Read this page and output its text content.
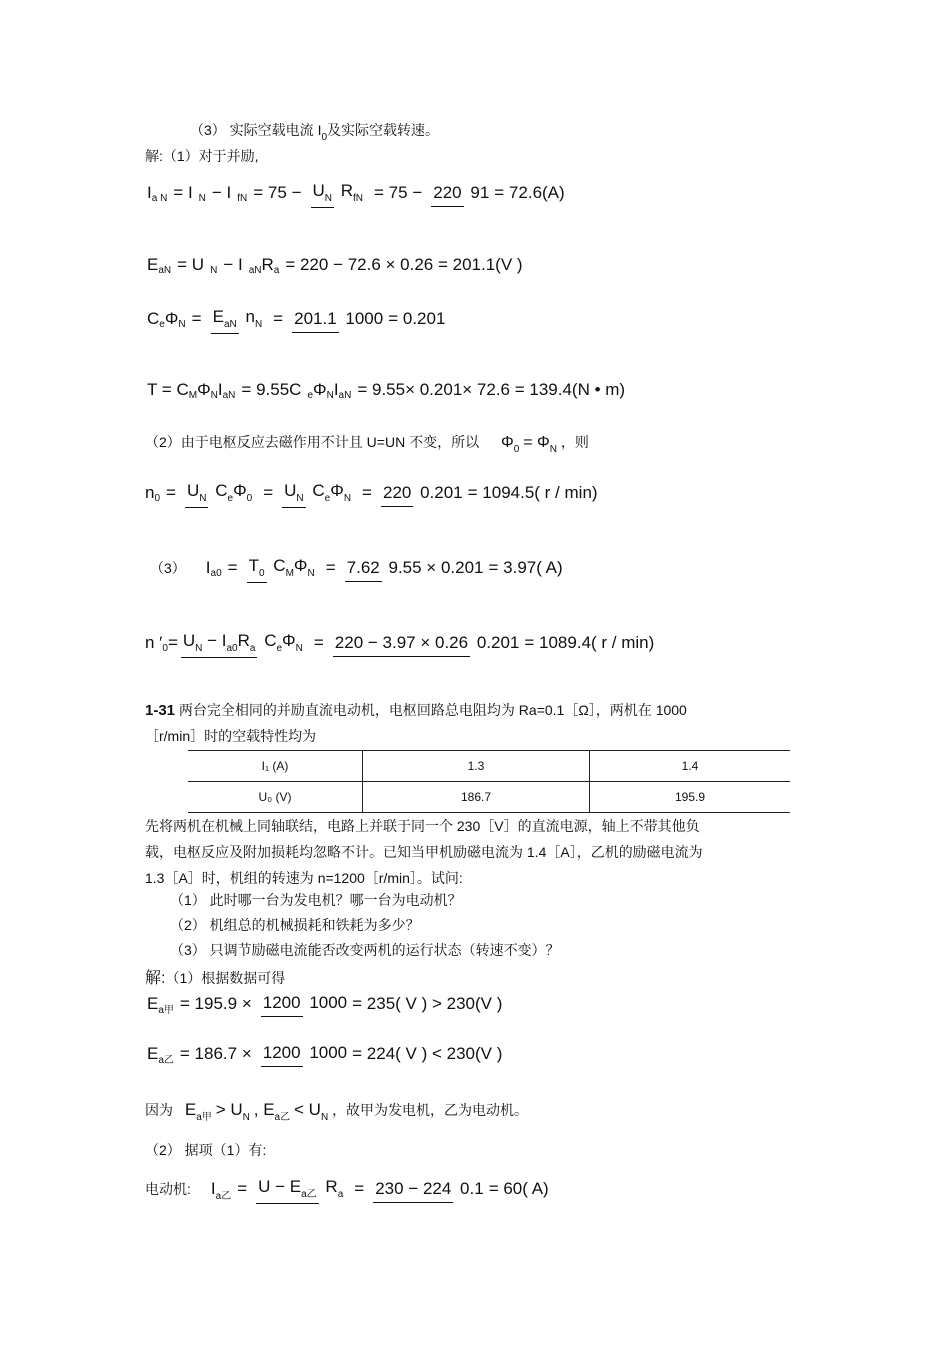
（3） 实际空载电流 $I_0$及实际空载转速。
解:（1）对于并励,
I a N = I N − I fN = 75 − UN RfN = 75 − 220 91 = 72.6(A)
E aN = U N − I aN R a = 220 − 72.6 × 0.26 = 201.1(V )
C e Φ N = EaN nN = 201.1 1000 = 0.201
T = C M Φ N I aN = 9.55C e Φ N I aN = 9.55× 0.201× 72.6 = 139.4(N • m)
（2）由于电枢反应去磁作用不计且 U=UN 不变，所以 $\Phi_0 = \Phi_N$ ，则
n 0 = UN CeΦ0 = UN CeΦN = 220 0.201 = 1094.5( r / min)
（3） I a0 = T0 CMΦN = 7.62 9.55 × 0.201 = 3.97( A)
n ′ 0 = UN − Ia0Ra CeΦN = 220 − 3.97 × 0.26 0.201 = 1089.4( r / min)
1-31 两台完全相同的并励直流电动机，电枢回路总电阻均为 Ra=0.1［Ω］，两机在 1000
［r/min］时的空载特性均为
I₁ (A)	1.3	1.4
U₀ (V)	186.7	195.9
先将两机在机械上同轴联结，电路上并联于同一个 230［V］的直流电源，轴上不带其他负
载，电枢反应及附加损耗均忽略不计。已知当甲机励磁电流为 1.4［A］，乙机的励磁电流为
1.3［A］时，机组的转速为 n=1200［r/min］。试问:
（1） 此时哪一台为发电机？哪一台为电动机？
（2） 机组总的机械损耗和铁耗为多少？
（3） 只调节励磁电流能否改变两机的运行状态（转速不变）？
解:（1）根据数据可得
E a甲 = 195.9 × 1200 1000 = 235( V ) > 230(V )
E a乙 = 186.7 × 1200 1000 = 224( V ) < 230(V )
因为 $E_{a甲} > U_N$ , $E_{a乙} < U_N$ ，故甲为发电机，乙为电动机。
（2） 据项（1）有:
电动机: I a乙 = U − Ea乙 Ra = 230 − 224 0.1 = 60( A)
